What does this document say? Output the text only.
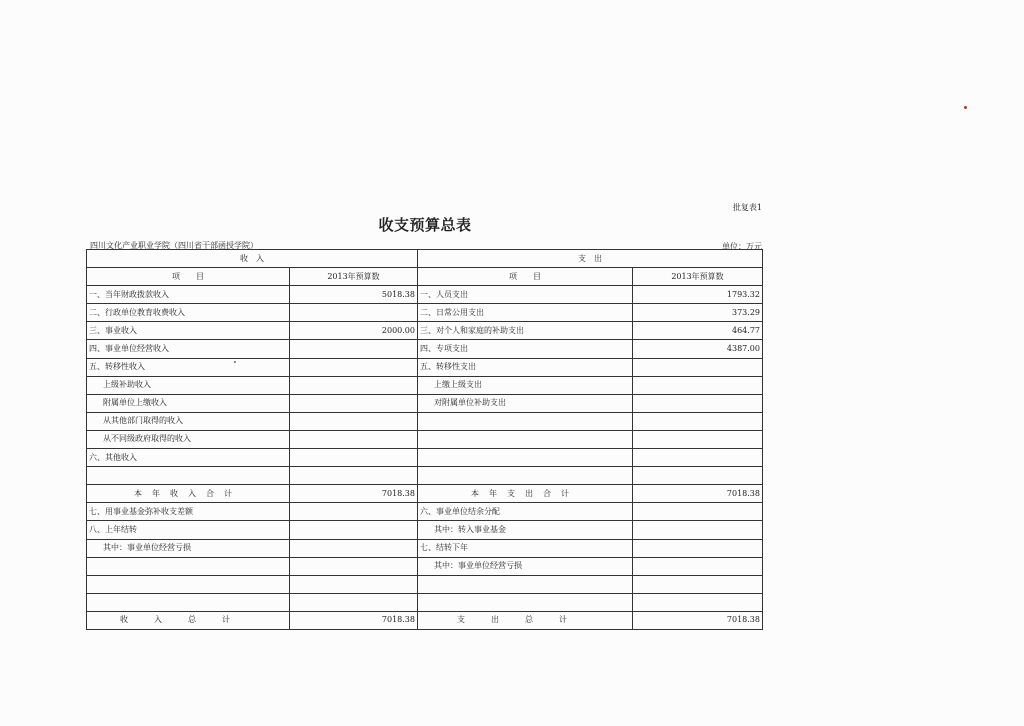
批复表1
收支预算总表
四川文化产业职业学院（四川省干部函授学院）	单位：万元
收　入		支　出	
项　　目	2013年预算数	项　　目	2013年预算数
一、当年财政拨款收入	5018.38	一、人员支出	1793.32
二、行政单位教育收费收入		二、日常公用支出	373.29
三、事业收入	2000.00	三、对个人和家庭的补助支出	464.77
四、事业单位经营收入		四、专项支出	4387.00
五、转移性收入		五、转移性支出	
上级补助收入		上缴上级支出	
附属单位上缴收入		对附属单位补助支出	
从其他部门取得的收入			
从不同级政府取得的收入			
六、其他收入			

本年收入合计	7018.38	本年支出合计	7018.38
七、用事业基金弥补收支差额		六、事业单位结余分配	
八、上年结转		其中：转入事业基金	
其中：事业单位经营亏损		七、结转下年	
		其中：事业单位经营亏损	

收入总计	7018.38	支出总计	7018.38
